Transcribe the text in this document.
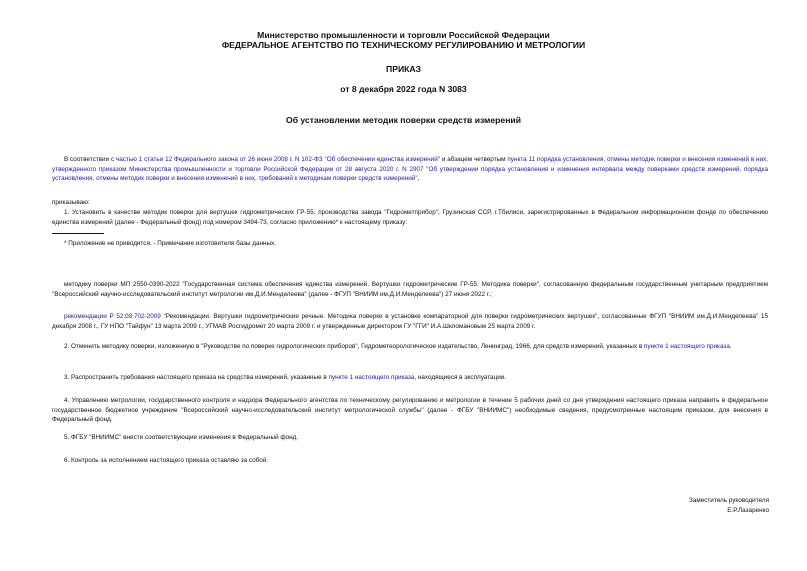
Министерство промышленности и торговли Российской Федерации
ФЕДЕРАЛЬНОЕ АГЕНТСТВО ПО ТЕХНИЧЕСКОМУ РЕГУЛИРОВАНИЮ И МЕТРОЛОГИИ
ПРИКАЗ
от 8 декабря 2022 года N 3083
Об установлении методик поверки средств измерений
В соответствии с частью 1 статьи 12 Федерального закона от 26 июня 2008 г. N 102-ФЗ "Об обеспечении единства измерений" и абзацем четвертым пункта 11 порядка установления, отмены методик поверки и внесения изменений в них, утвержденного приказом Министерства промышленности и торговли Российской Федерации от 28 августа 2020 г. N 2907 "Об утверждении порядка установления и изменения интервала между поверками средств измерений, порядка установления, отмены методик поверки и внесения изменений в них, требований к методикам поверки средств измерений",
приказываю:
1. Установить в качестве методик поверки для вертушек гидрометрических ГР-55, производства завода "Гидрометприбор", Грузинская ССР, г.Тбилиси, зарегистрированных в Федеральном информационном фонде по обеспечению единства измерений (далее - Федеральный фонд) под номером 3494-73, согласно приложению* к настоящему приказу:
* Приложение не приводится. - Примечание изготовителя базы данных.
методику поверки МП 2550-0390-2022 "Государственная система обеспечения единства измерений. Вертушки гидрометрические ГР-55. Методика поверки", согласованную федеральным государственным унитарным предприятием "Всероссийский научно-исследовательский институт метрологии им.Д.И.Менделеева" (далее - ФГУП "ВНИИМ им.Д.И.Менделеева") 27 июня 2022 г.;
рекомендации Р 52.08.702-2009 "Рекомендации. Вертушки гидрометрические речные. Методика поверки в установке компараторной для поверки гидрометрических вертушек", согласованные ФГУП "ВНИИМ им.Д.И.Менделеева" 15 декабря 2008 г., ГУ НПО "Тайфун" 13 марта 2009 г., УГМАВ Росгидромет 20 марта 2009 г. и утвержденные директором ГУ "ГГИ" И.А.Шкломановым 25 марта 2009 г.
2. Отменить методику поверки, изложенную в "Руководстве по поверке гидрологических приборов", Гидрометеорологическое издательство, Ленинград, 1966, для средств измерений, указанных в пункте 1 настоящего приказа.
3. Распространить требования настоящего приказа на средства измерений, указанные в пункте 1 настоящего приказа, находящиеся в эксплуатации.
4. Управлению метрологии, государственного контроля и надзора Федерального агентства по техническому регулированию и метрологии в течение 5 рабочих дней со дня утверждения настоящего приказа направить в федеральное государственное бюджетное учреждение "Всероссийский научно-исследовательский институт метрологической службы" (далее - ФГБУ "ВНИИМС") необходимые сведения, предусмотренные настоящим приказом, для внесения в Федеральный фонд.
5. ФГБУ "ВНИИМС" внести соответствующие изменения в Федеральный фонд.
6. Контроль за исполнением настоящего приказа оставляю за собой.
Заместитель руководителя
Е.Р.Лазаренко
